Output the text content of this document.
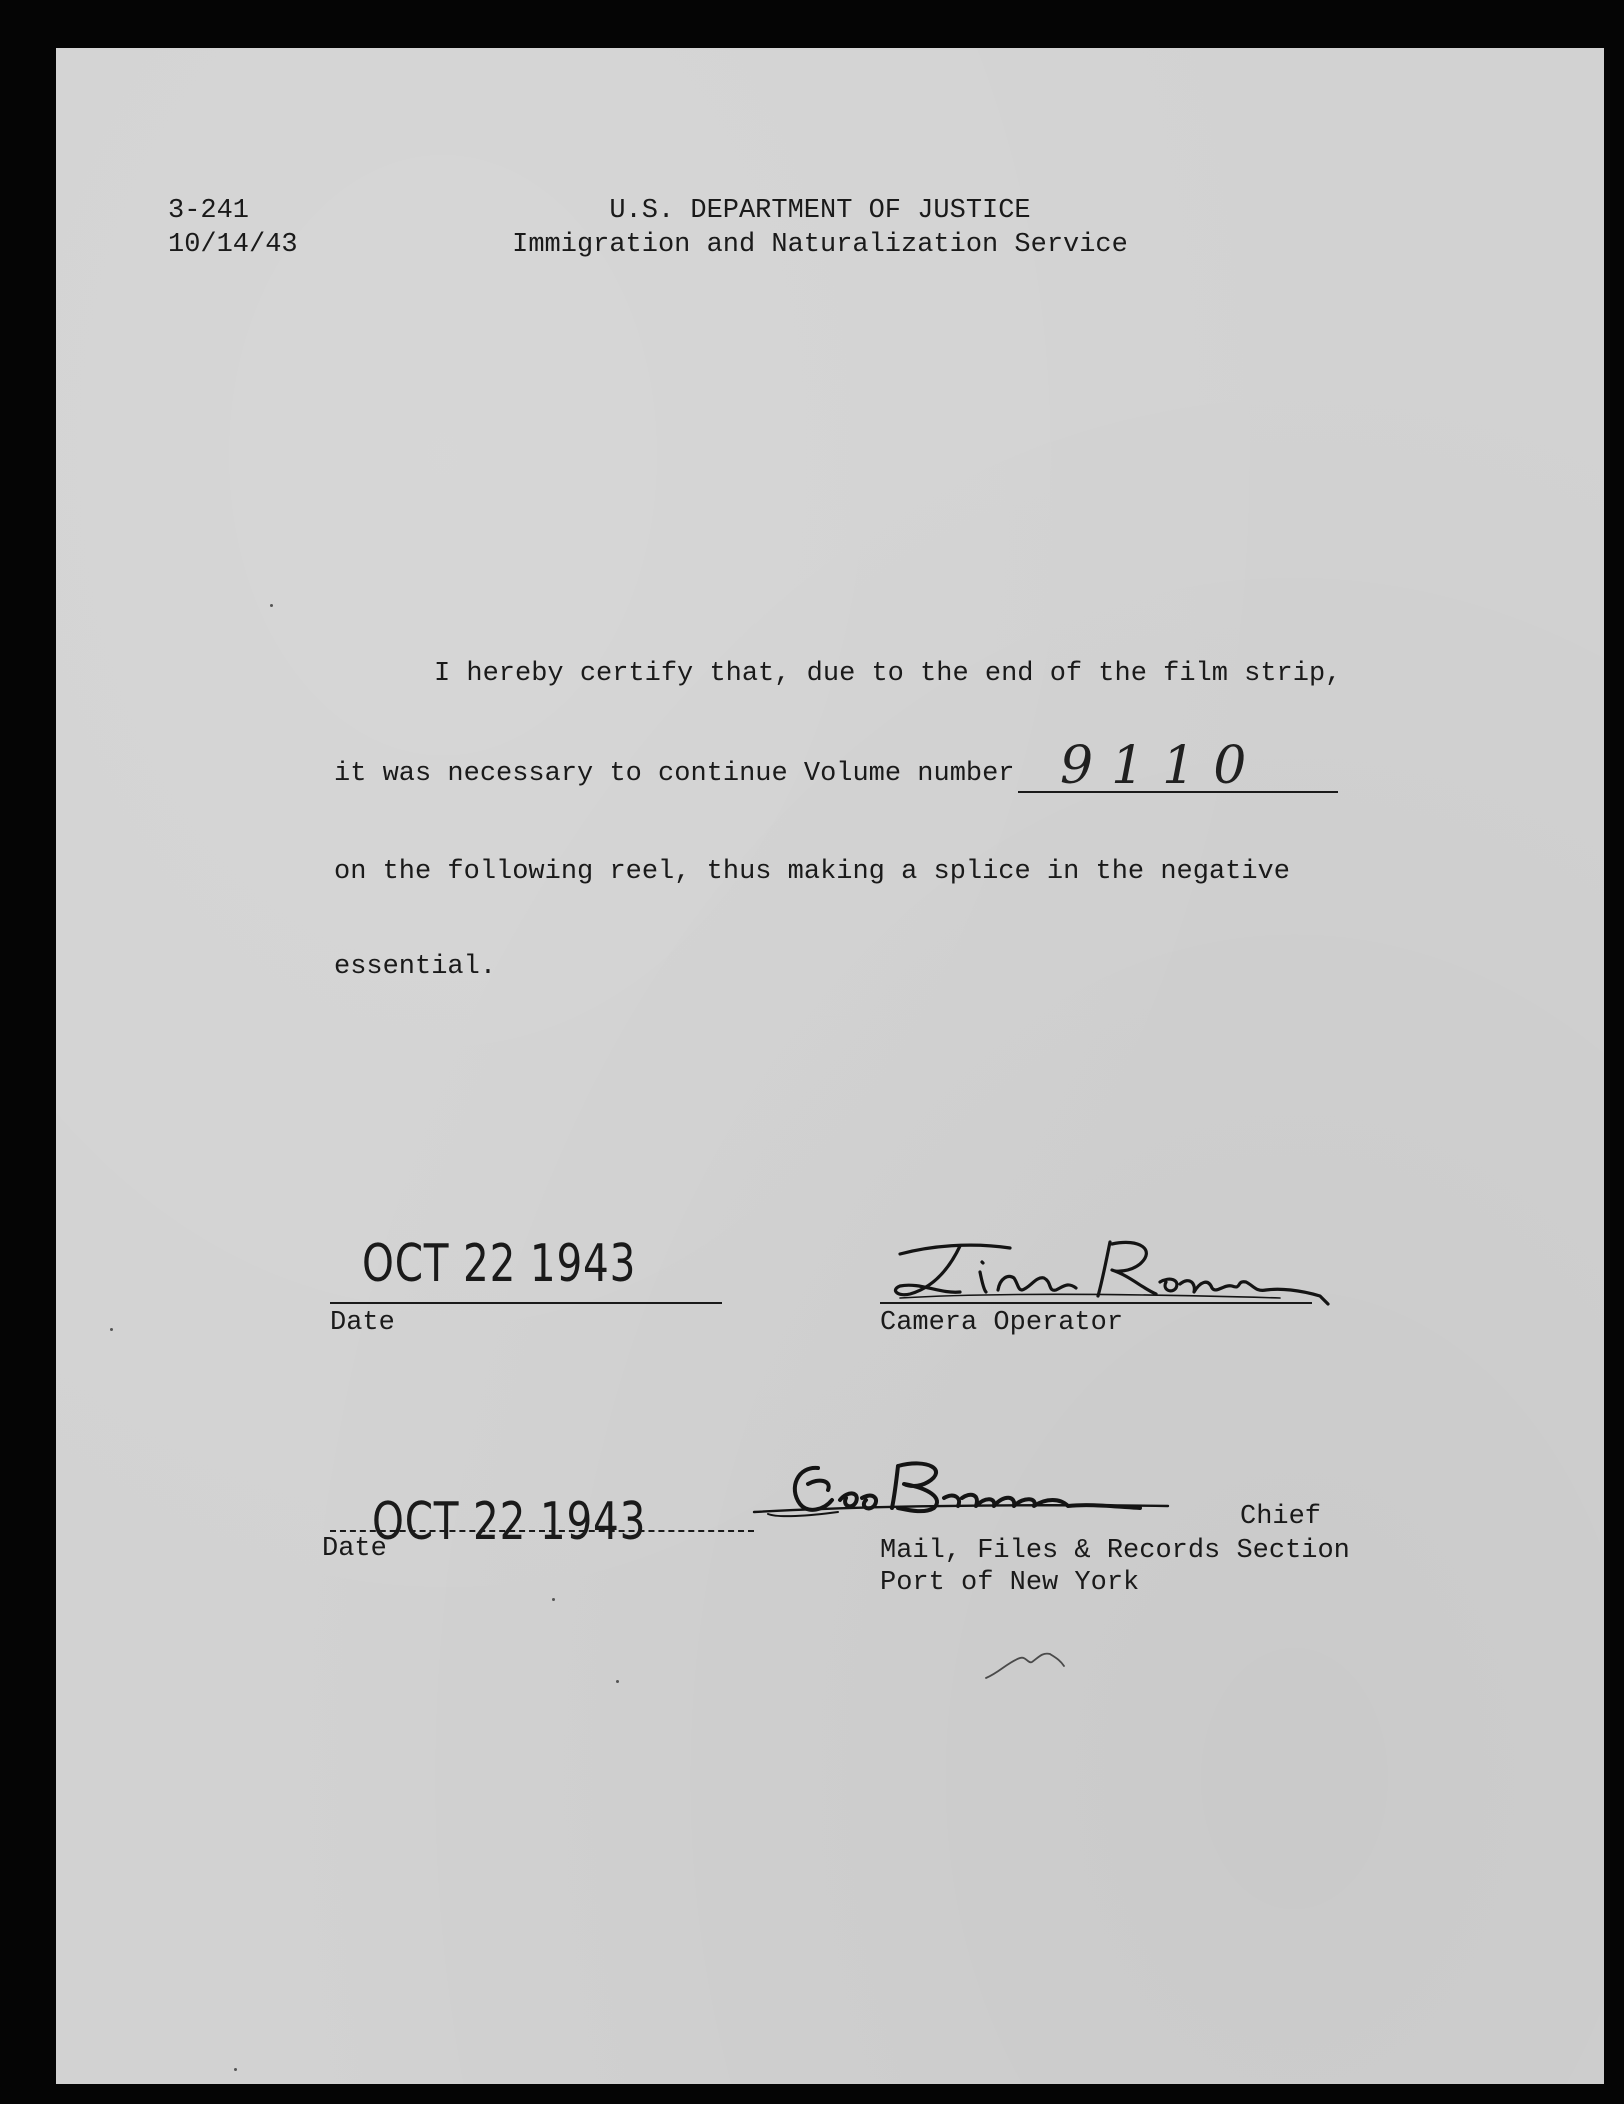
3-241
10/14/43
U.S. DEPARTMENT OF JUSTICE
Immigration and Naturalization Service
I hereby certify that, due to the end of the film strip,
it was necessary to continue Volume number 9110
on the following reel, thus making a splice in the negative
essential.
OCT 22 1943
Date	Camera Operator
OCT 22 1943
Date
Chief
Mail, Files & Records Section
Port of New York
